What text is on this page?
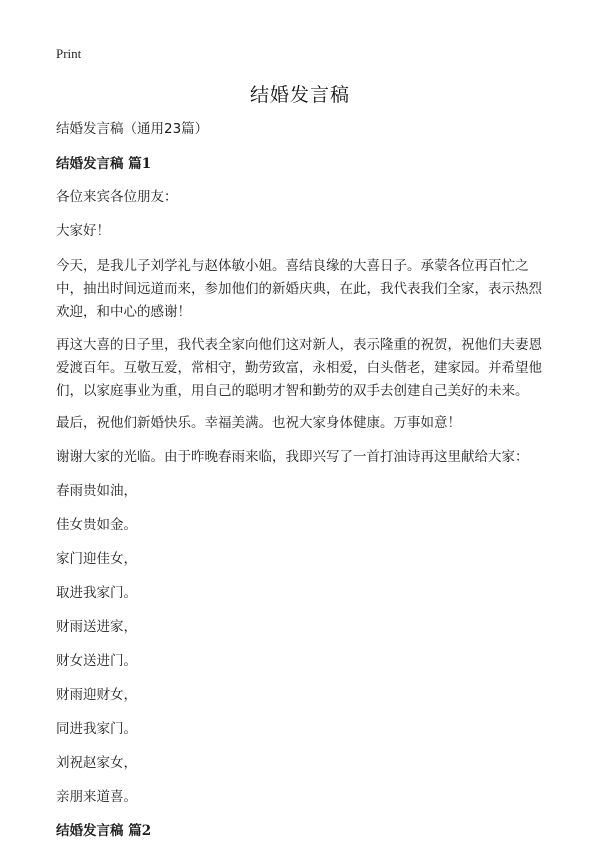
Print
结婚发言稿
结婚发言稿（通用23篇）
结婚发言稿 篇1
各位来宾各位朋友：
大家好！
今天，是我儿子刘学礼与赵体敏小姐。喜结良缘的大喜日子。承蒙各位再百忙之中，抽出时间远道而来，参加他们的新婚庆典，在此，我代表我们全家，表示热烈欢迎，和中心的感谢！
再这大喜的日子里，我代表全家向他们这对新人，表示隆重的祝贺，祝他们夫妻恩爱渡百年。互敬互爱，常相守，勤劳致富，永相爱，白头偕老，建家园。并希望他们，以家庭事业为重，用自己的聪明才智和勤劳的双手去创建自己美好的未来。
最后，祝他们新婚快乐。幸福美满。也祝大家身体健康。万事如意！
谢谢大家的光临。由于昨晚春雨来临，我即兴写了一首打油诗再这里献给大家：
春雨贵如油，
佳女贵如金。
家门迎佳女，
取进我家门。
财雨送进家，
财女送进门。
财雨迎财女，
同进我家门。
刘祝赵家女，
亲朋来道喜。
结婚发言稿 篇2
